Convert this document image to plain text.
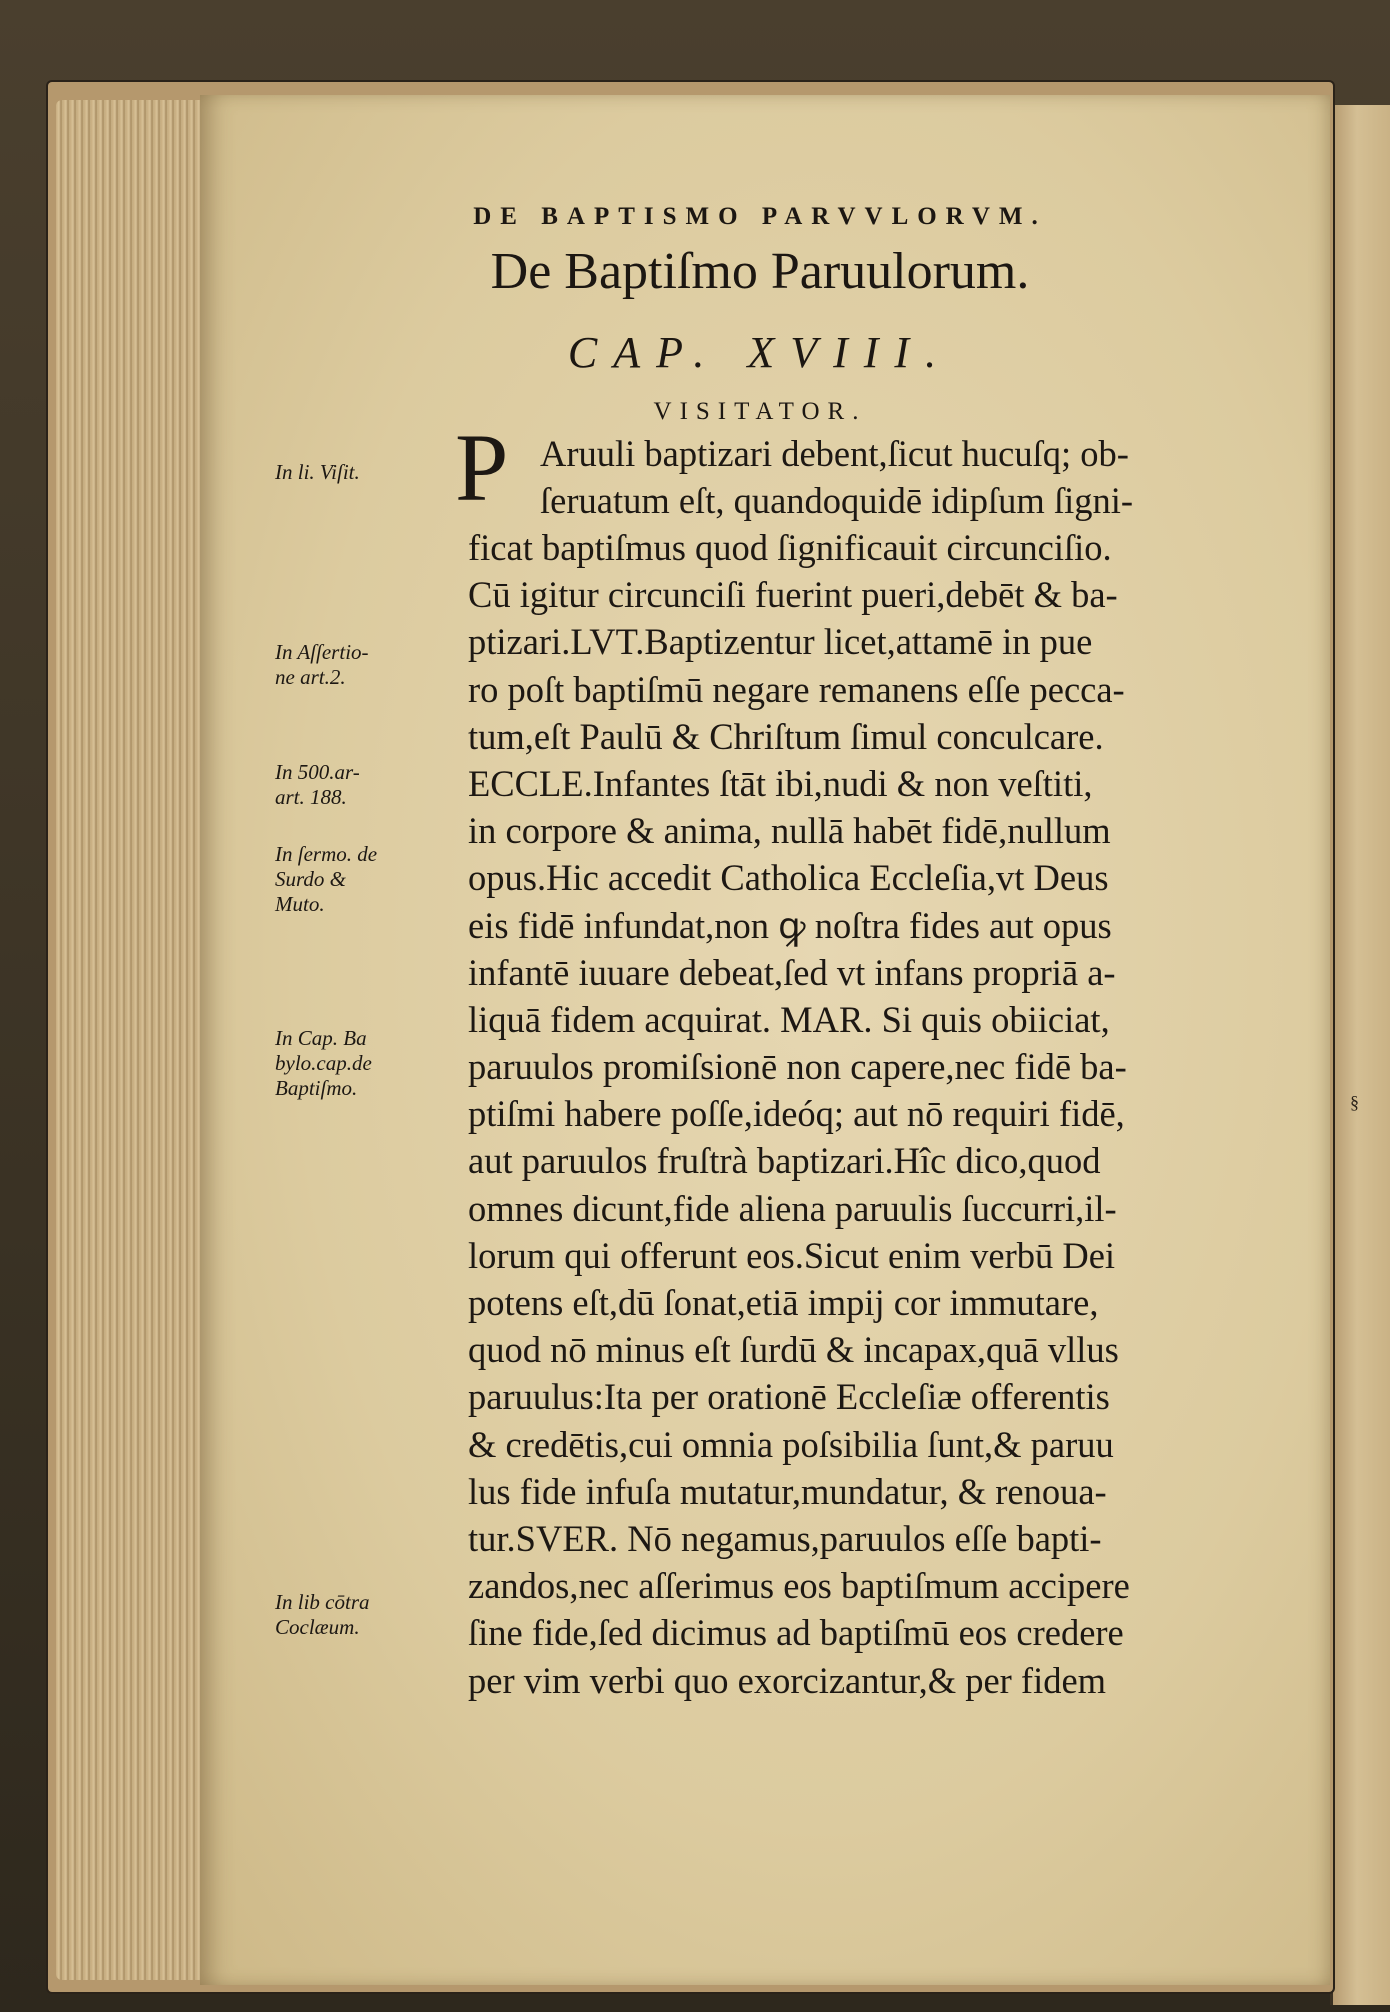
DE BAPTISMO PARVVLORVM.
De Baptiſmo Paruulorum.
CAP. XVIII.
VISITATOR.
P Aruuli baptizari debent,ſicut hucuſq; ob-
ſeruatum eſt, quandoquidē idipſum ſigni-
ficat baptiſmus quod ſignificauit circunciſio.
Cū igitur circunciſi fuerint pueri,debēt & ba-
ptizari.LVT.Baptizentur licet,attamē in pue
ro poſt baptiſmū negare remanens eſſe pecca-
tum,eſt Paulū & Chriſtum ſimul conculcare.
ECCLE.Infantes ſtāt ibi,nudi & non veſtiti,
in corpore & anima, nullā habēt fidē,nullum
opus.Hic accedit Catholica Eccleſia,vt Deus
eis fidē infundat,non ꝙ noſtra fides aut opus
infantē iuuare debeat,ſed vt infans propriā a-
liquā fidem acquirat. MAR. Si quis obiiciat,
paruulos promiſsionē non capere,nec fidē ba-
ptiſmi habere poſſe,ideóq; aut nō requiri fidē,
aut paruulos fruſtrà baptizari.Hîc dico,quod
omnes dicunt,fide aliena paruulis ſuccurri,il-
lorum qui offerunt eos.Sicut enim verbū Dei
potens eſt,dū ſonat,etiā impij cor immutare,
quod nō minus eſt ſurdū & incapax,quā vllus
paruulus:Ita per orationē Eccleſiæ offerentis
& credētis,cui omnia poſsibilia ſunt,& paruu
lus fide infuſa mutatur,mundatur, & renoua-
tur.SVER. Nō negamus,paruulos eſſe bapti-
zandos,nec aſſerimus eos baptiſmum accipere
ſine fide,ſed dicimus ad baptiſmū eos credere
per vim verbi quo exorcizantur,& per fidem
In li. Viſit.
In Aſſertio-
ne art.2.
In 500.ar-
art. 188.
In ſermo. de
Surdo &
Muto.
In Cap. Ba
bylo.cap.de
Baptiſmo.
In lib cōtra
Coclæum.
§
